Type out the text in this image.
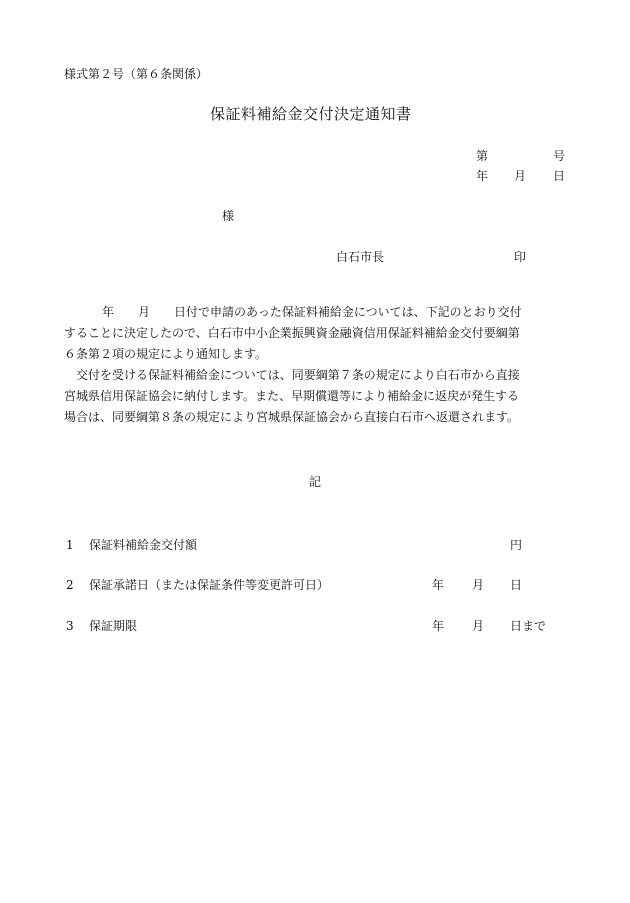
様式第２号（第６条関係）
保証料補給金交付決定通知書
第	号
年 月 日
様
白石市長	印
年　　月　　日付で申請のあった保証料補給金については、下記のとおり交付
することに決定したので、白石市中小企業振興資金融資信用保証料補給金交付要綱第
６条第２項の規定により通知します。
交付を受ける保証料補給金については、同要綱第７条の規定により白石市から直接
宮城県信用保証協会に納付します。また、早期償還等により補給金に返戻が発生する
場合は、同要綱第８条の規定により宮城県保証協会から直接白石市へ返還されます。
記
1 保証料補給金交付額	円
2 保証承諾日（または保証条件等変更許可日）	年 月 日
3 保証期限	年 月 日まで
